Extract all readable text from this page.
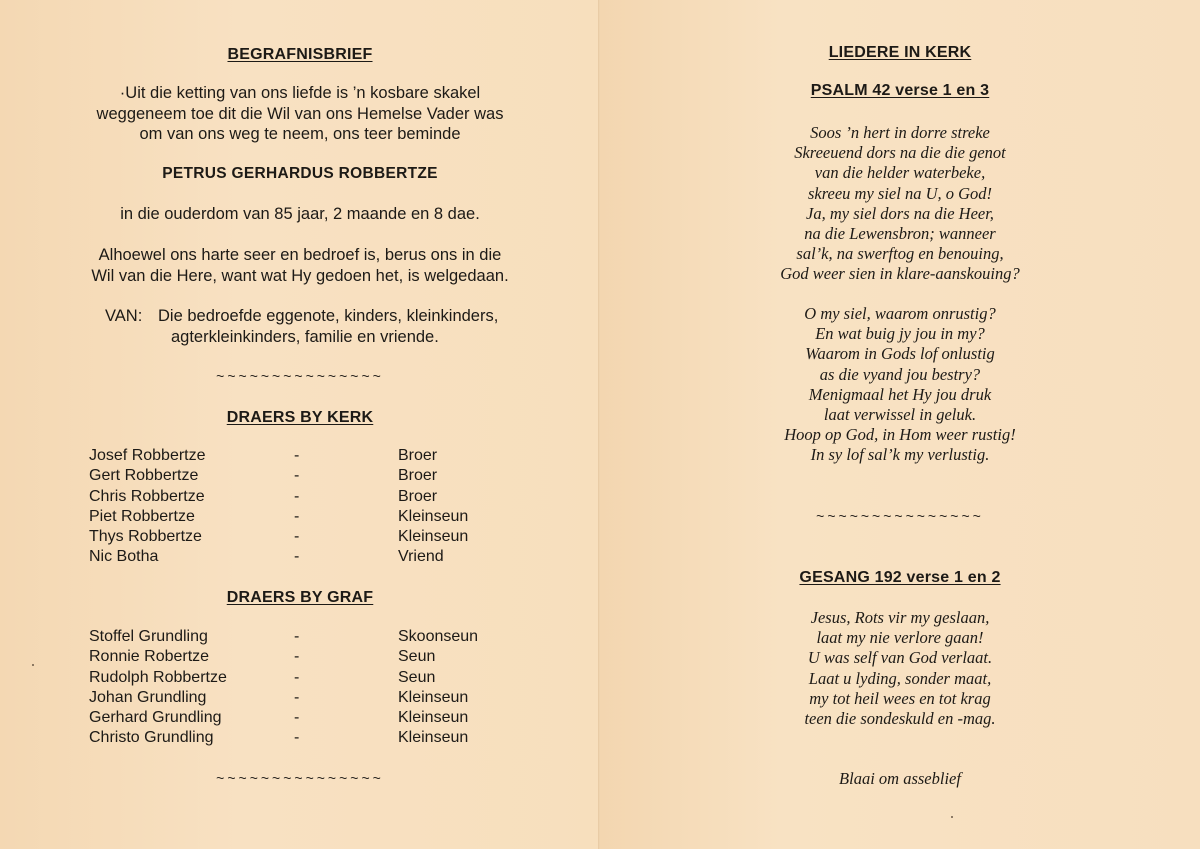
BEGRAFNISBRIEF
·Uit die ketting van ons liefde is ’n kosbare skakel
weggeneem toe dit die Wil van ons Hemelse Vader was
om van ons weg te neem, ons teer beminde
PETRUS GERHARDUS ROBBERTZE
in die ouderdom van 85 jaar, 2 maande en 8 dae.
Alhoewel ons harte seer en bedroef is, berus ons in die
Wil van die Here, want wat Hy gedoen het, is welgedaan.
VAN: Die bedroefde eggenote, kinders, kleinkinders,
agterkleinkinders, familie en vriende.
~~~~~~~~~~~~~~~
DRAERS BY KERK
Josef Robbertze	-	Broer
Gert Robbertze	-	Broer
Chris Robbertze	-	Broer
Piet Robbertze	-	Kleinseun
Thys Robbertze	-	Kleinseun
Nic Botha	-	Vriend
DRAERS BY GRAF
Stoffel Grundling	-	Skoonseun
Ronnie Robertze	-	Seun
Rudolph Robbertze	-	Seun
Johan Grundling	-	Kleinseun
Gerhard Grundling	-	Kleinseun
Christo Grundling	-	Kleinseun
~~~~~~~~~~~~~~~
LIEDERE IN KERK
PSALM 42 verse 1 en 3
Soos ’n hert in dorre streke
Skreeuend dors na die die genot
van die helder waterbeke,
skreeu my siel na U, o God!
Ja, my siel dors na die Heer,
na die Lewensbron; wanneer
sal’k, na swerftog en benouing,
God weer sien in klare-aanskouing?
O my siel, waarom onrustig?
En wat buig jy jou in my?
Waarom in Gods lof onlustig
as die vyand jou bestry?
Menigmaal het Hy jou druk
laat verwissel in geluk.
Hoop op God, in Hom weer rustig!
In sy lof sal’k my verlustig.
~~~~~~~~~~~~~~~
GESANG 192 verse 1 en 2
Jesus, Rots vir my geslaan,
laat my nie verlore gaan!
U was self van God verlaat.
Laat u lyding, sonder maat,
my tot heil wees en tot krag
teen die sondeskuld en -mag.
Blaai om asseblief
